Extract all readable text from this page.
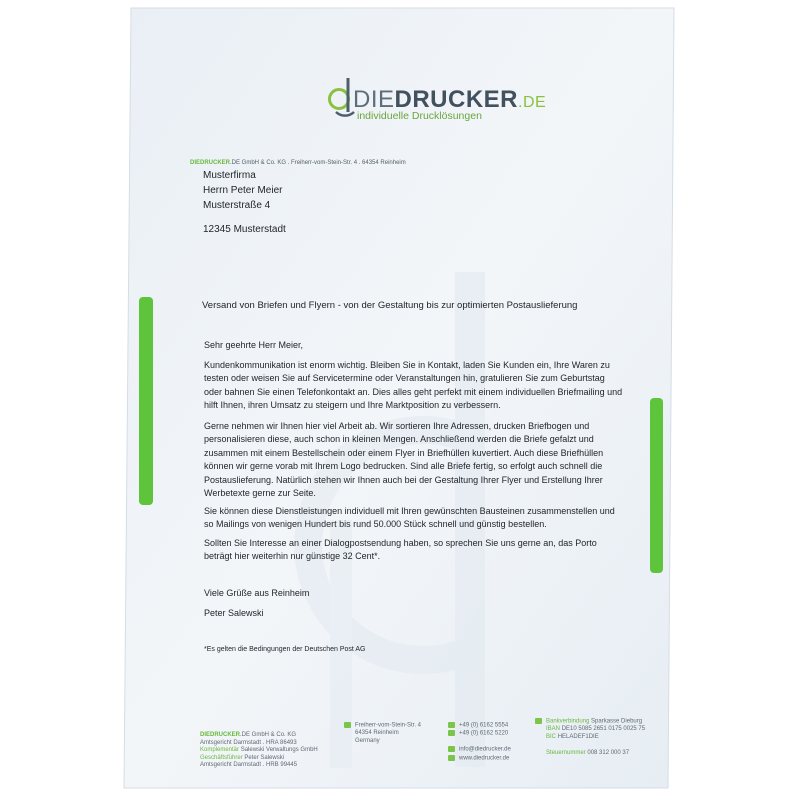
DIEDRUCKER.DE
individuelle Drucklösungen
DIEDRUCKER.DE GmbH & Co. KG . Freiherr-vom-Stein-Str. 4 . 64354 Reinheim
Musterfirma
Herrn Peter Meier
Musterstraße 4
12345 Musterstadt
Versand von Briefen und Flyern - von der Gestaltung bis zur optimierten Postauslieferung
Sehr geehrte Herr Meier,
Kundenkommunikation ist enorm wichtig. Bleiben Sie in Kontakt, laden Sie Kunden ein, Ihre Waren zu testen oder weisen Sie auf Servicetermine oder Veranstaltungen hin, gratulieren Sie zum Geburtstag oder bahnen Sie einen Telefonkontakt an. Dies alles geht perfekt mit einem individuellen Briefmailing und hilft Ihnen, ihren Umsatz zu steigern und Ihre Marktposition zu verbessern.
Gerne nehmen wir Ihnen hier viel Arbeit ab. Wir sortieren Ihre Adressen, drucken Briefbogen und personalisieren diese, auch schon in kleinen Mengen. Anschließend werden die Briefe gefalzt und zusammen mit einem Bestellschein oder einem Flyer in Briefhüllen kuvertiert. Auch diese Briefhüllen können wir gerne vorab mit Ihrem Logo bedrucken. Sind alle Briefe fertig, so erfolgt auch schnell die Postauslieferung. Natürlich stehen wir Ihnen auch bei der Gestaltung Ihrer Flyer und Erstellung Ihrer Werbetexte gerne zur Seite.
Sie können diese Dienstleistungen individuell mit Ihren gewünschten Bausteinen zusammenstellen und so Mailings von wenigen Hundert bis rund 50.000 Stück schnell und günstig bestellen.
Sollten Sie Interesse an einer Dialogpostsendung haben, so sprechen Sie uns gerne an, das Porto beträgt hier weiterhin nur günstige 32 Cent*.
Viele Grüße aus Reinheim
Peter Salewski
*Es gelten die Bedingungen der Deutschen Post AG
DIEDRUCKER.DE GmbH & Co. KG
Amtsgericht Darmstadt . HRA 86493
Komplementär Salewski Verwaltungs GmbH
Geschäftsführer Peter Salewski
Amtsgericht Darmstadt . HRB 99445
Freiherr-vom-Stein-Str. 4
64354 Reinheim
Germany
+49 (0) 6162 5554
+49 (0) 6162 5220
info@diedrucker.de
www.diedrucker.de
Bankverbindung Sparkasse Dieburg
IBAN DE10 5085 2651 0175 0025 75
BIC HELADEF1DIE
Steuernummer 008 312 000 37
